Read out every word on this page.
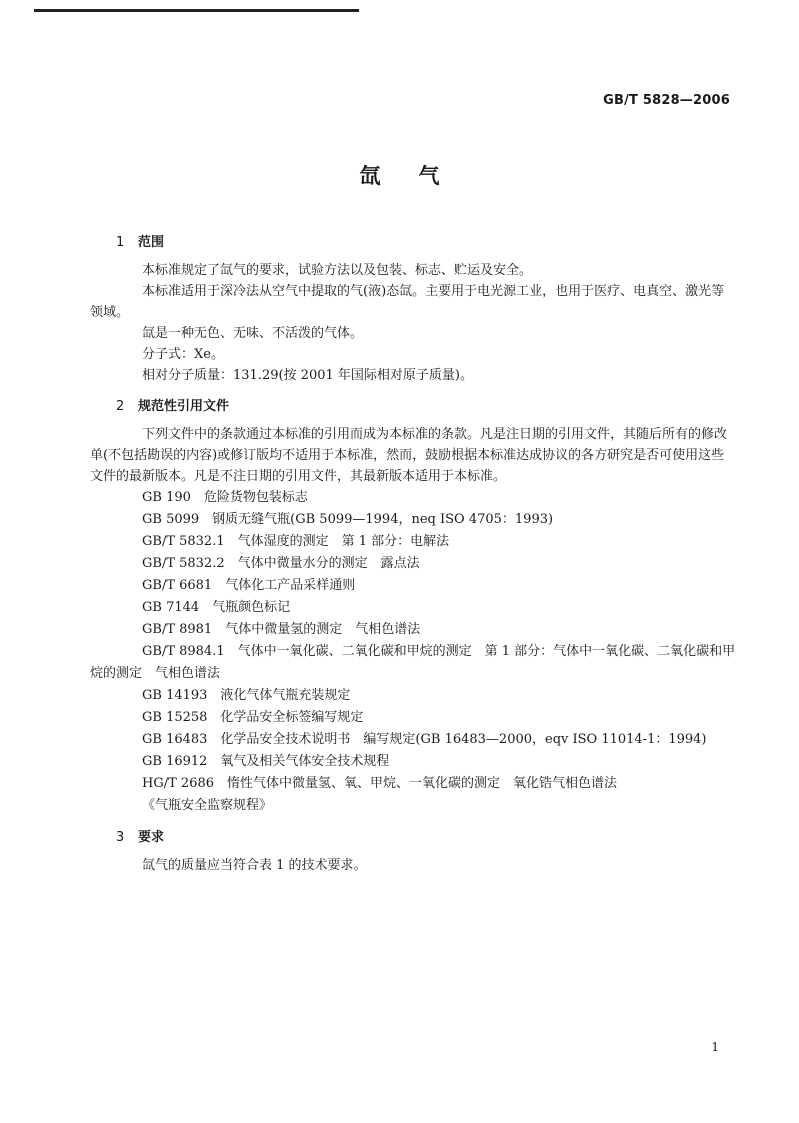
GB/T 5828—2006
氙气

1 范围

本标准规定了氙气的要求，试验方法以及包装、标志、贮运及安全。

本标准适用于深冷法从空气中提取的气(液)态氙。主要用于电光源工业，也用于医疗、电真空、激光等领域。

氙是一种无色、无味、不活泼的气体。

分子式：Xe。

相对分子质量：131.29(按 2001 年国际相对原子质量)。

2 规范性引用文件

下列文件中的条款通过本标准的引用而成为本标准的条款。凡是注日期的引用文件，其随后所有的修改单(不包括勘误的内容)或修订版均不适用于本标准，然而，鼓励根据本标准达成协议的各方研究是否可使用这些文件的最新版本。凡是不注日期的引用文件，其最新版本适用于本标准。

GB 190　危险货物包装标志

GB 5099　钢质无缝气瓶(GB 5099—1994，neq ISO 4705：1993)

GB/T 5832.1　气体湿度的测定　第 1 部分：电解法

GB/T 5832.2　气体中微量水分的测定　露点法

GB/T 6681　气体化工产品采样通则

GB 7144　气瓶颜色标记

GB/T 8981　气体中微量氢的测定　气相色谱法

GB/T 8984.1　气体中一氧化碳、二氧化碳和甲烷的测定　第 1 部分：气体中一氧化碳、二氧化碳和甲烷的测定　气相色谱法

GB 14193　液化气体气瓶充装规定

GB 15258　化学品安全标签编写规定

GB 16483　化学品安全技术说明书　编写规定(GB 16483—2000，eqv ISO 11014-1：1994)

GB 16912　氧气及相关气体安全技术规程

HG/T 2686　惰性气体中微量氢、氧、甲烷、一氧化碳的测定　氧化锆气相色谱法

《气瓶安全监察规程》

3 要求

氙气的质量应当符合表 1 的技术要求。

1
